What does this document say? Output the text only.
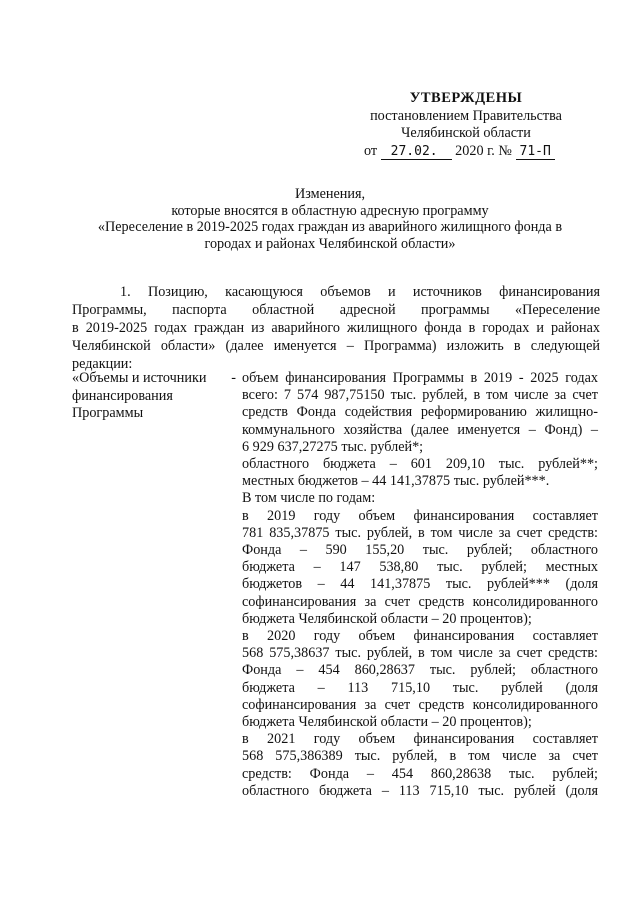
УТВЕРЖДЕНЫ
постановлением Правительства
Челябинской области
от 27.02. 2020 г. № 71-П
Изменения,
которые вносятся в областную адресную программу
«Переселение в 2019-2025 годах граждан из аварийного жилищного фонда в
городах и районах Челябинской области»
1. Позицию, касающуюся объемов и источников финансирования
Программы, паспорта областной адресной программы «Переселение
в 2019-2025 годах граждан из аварийного жилищного фонда в городах и районах
Челябинской области» (далее именуется – Программа) изложить в следующей
редакции:
«Объемы и источники -
финансирования
Программы
объем финансирования Программы в 2019 - 2025 годах
всего: 7 574 987,75150 тыс. рублей, в том числе за счет
средств Фонда содействия реформированию жилищно-
коммунального хозяйства (далее именуется – Фонд) –
6 929 637,27275 тыс. рублей*;
областного бюджета – 601 209,10 тыс. рублей**;
местных бюджетов – 44 141,37875 тыс. рублей***.
В том числе по годам:
в 2019 году объем финансирования составляет
781 835,37875 тыс. рублей, в том числе за счет средств:
Фонда – 590 155,20 тыс. рублей; областного
бюджета – 147 538,80 тыс. рублей; местных
бюджетов – 44 141,37875 тыс. рублей*** (доля
софинансирования за счет средств консолидированного
бюджета Челябинской области – 20 процентов);
в 2020 году объем финансирования составляет
568 575,38637 тыс. рублей, в том числе за счет средств:
Фонда – 454 860,28637 тыс. рублей; областного
бюджета – 113 715,10 тыс. рублей (доля
софинансирования за счет средств консолидированного
бюджета Челябинской области – 20 процентов);
в 2021 году объем финансирования составляет
568 575,386389 тыс. рублей, в том числе за счет
средств: Фонда – 454 860,28638 тыс. рублей;
областного бюджета – 113 715,10 тыс. рублей (доля
